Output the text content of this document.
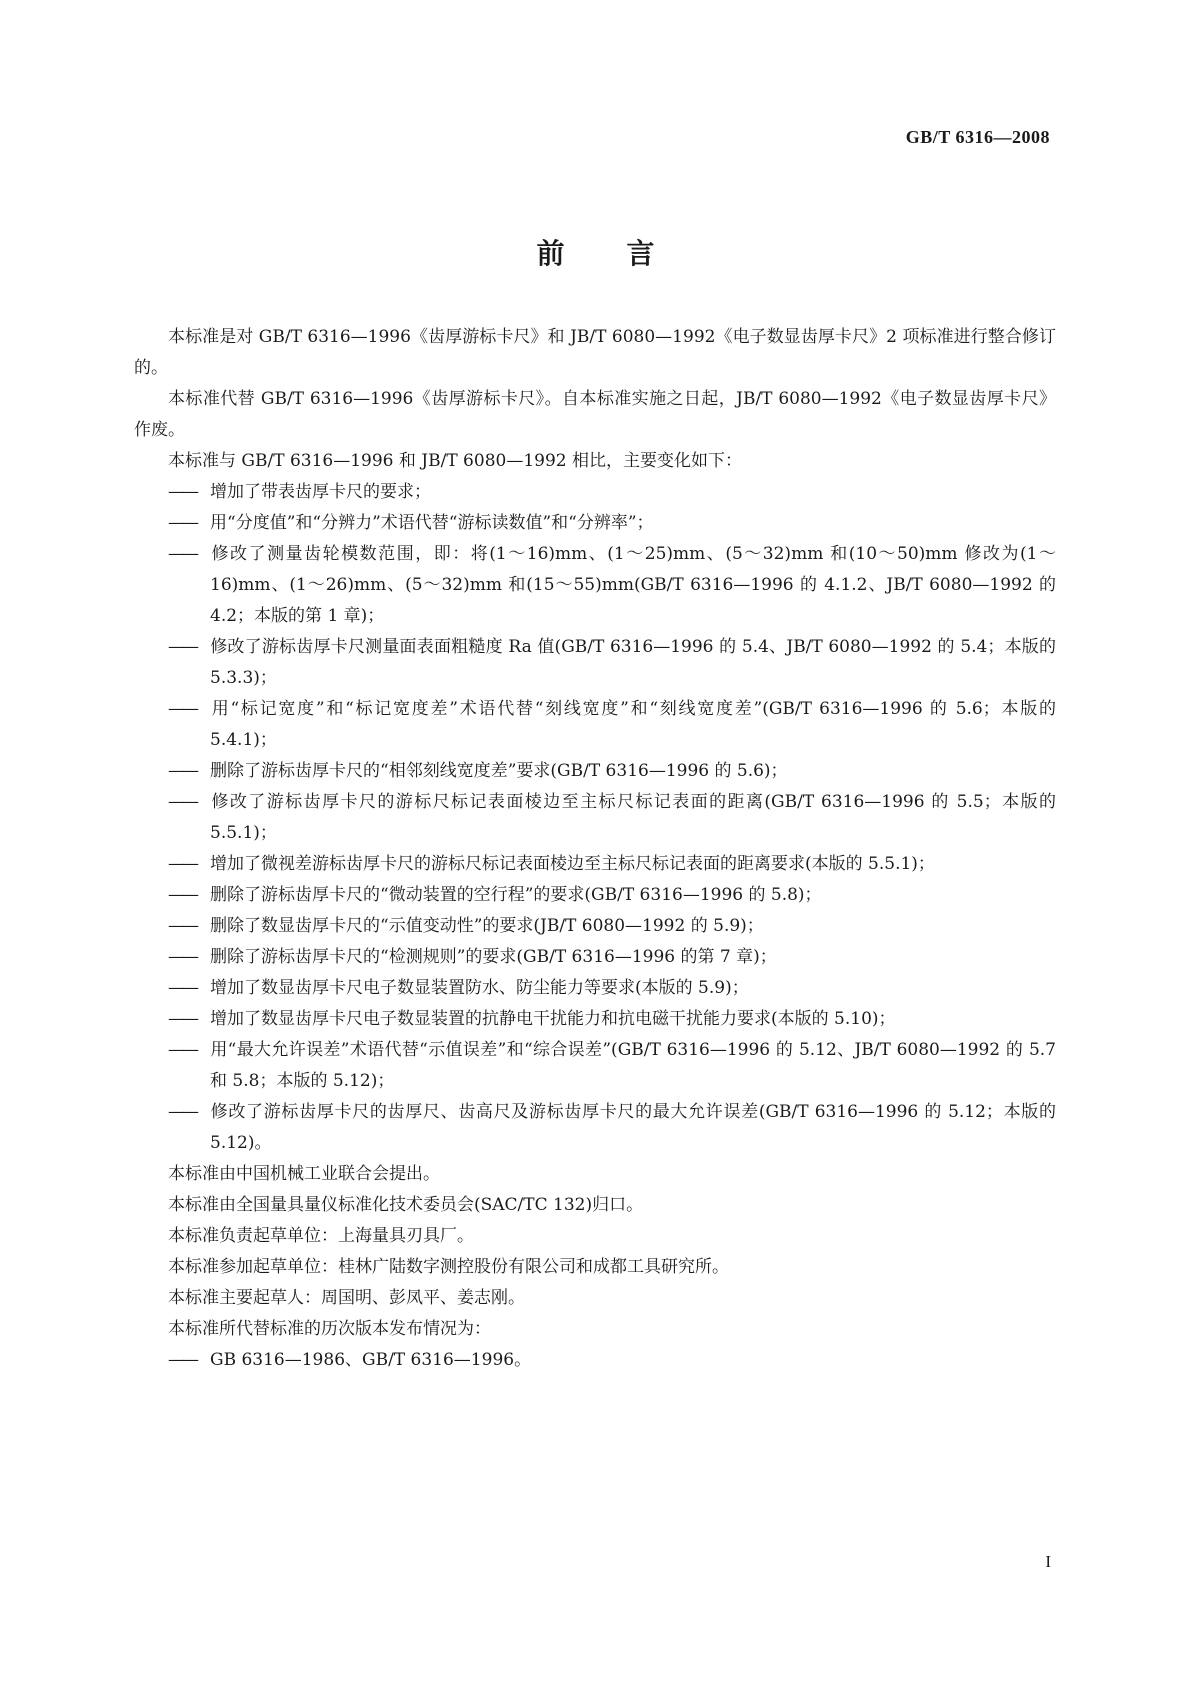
GB/T 6316—2008
前言

本标准是对 GB/T 6316—1996《齿厚游标卡尺》和 JB/T 6080—1992《电子数显齿厚卡尺》2 项标准进行整合修订的。

本标准代替 GB/T 6316—1996《齿厚游标卡尺》。自本标准实施之日起，JB/T 6080—1992《电子数显齿厚卡尺》作废。

本标准与 GB/T 6316—1996 和 JB/T 6080—1992 相比，主要变化如下：

—— 增加了带表齿厚卡尺的要求；

—— 用“分度值”和“分辨力”术语代替“游标读数值”和“分辨率”；

—— 修改了测量齿轮模数范围，即：将(1～16)mm、(1～25)mm、(5～32)mm 和(10～50)mm 修改为(1～16)mm、(1～26)mm、(5～32)mm 和(15～55)mm(GB/T 6316—1996 的 4.1.2、JB/T 6080—1992 的 4.2；本版的第 1 章)；

—— 修改了游标齿厚卡尺测量面表面粗糙度 Ra 值(GB/T 6316—1996 的 5.4、JB/T 6080—1992 的 5.4；本版的 5.3.3)；

—— 用“标记宽度”和“标记宽度差”术语代替“刻线宽度”和“刻线宽度差”(GB/T 6316—1996 的 5.6；本版的 5.4.1)；

—— 删除了游标齿厚卡尺的“相邻刻线宽度差”要求(GB/T 6316—1996 的 5.6)；

—— 修改了游标齿厚卡尺的游标尺标记表面棱边至主标尺标记表面的距离(GB/T 6316—1996 的 5.5；本版的 5.5.1)；

—— 增加了微视差游标齿厚卡尺的游标尺标记表面棱边至主标尺标记表面的距离要求(本版的 5.5.1)；

—— 删除了游标齿厚卡尺的“微动装置的空行程”的要求(GB/T 6316—1996 的 5.8)；

—— 删除了数显齿厚卡尺的“示值变动性”的要求(JB/T 6080—1992 的 5.9)；

—— 删除了游标齿厚卡尺的“检测规则”的要求(GB/T 6316—1996 的第 7 章)；

—— 增加了数显齿厚卡尺电子数显装置防水、防尘能力等要求(本版的 5.9)；

—— 增加了数显齿厚卡尺电子数显装置的抗静电干扰能力和抗电磁干扰能力要求(本版的 5.10)；

—— 用“最大允许误差”术语代替“示值误差”和“综合误差”(GB/T 6316—1996 的 5.12、JB/T 6080—1992 的 5.7 和 5.8；本版的 5.12)；

—— 修改了游标齿厚卡尺的齿厚尺、齿高尺及游标齿厚卡尺的最大允许误差(GB/T 6316—1996 的 5.12；本版的 5.12)。

本标准由中国机械工业联合会提出。

本标准由全国量具量仪标准化技术委员会(SAC/TC 132)归口。

本标准负责起草单位：上海量具刃具厂。

本标准参加起草单位：桂林广陆数字测控股份有限公司和成都工具研究所。

本标准主要起草人：周国明、彭凤平、姜志刚。

本标准所代替标准的历次版本发布情况为：

—— GB 6316—1986、GB/T 6316—1996。

I
